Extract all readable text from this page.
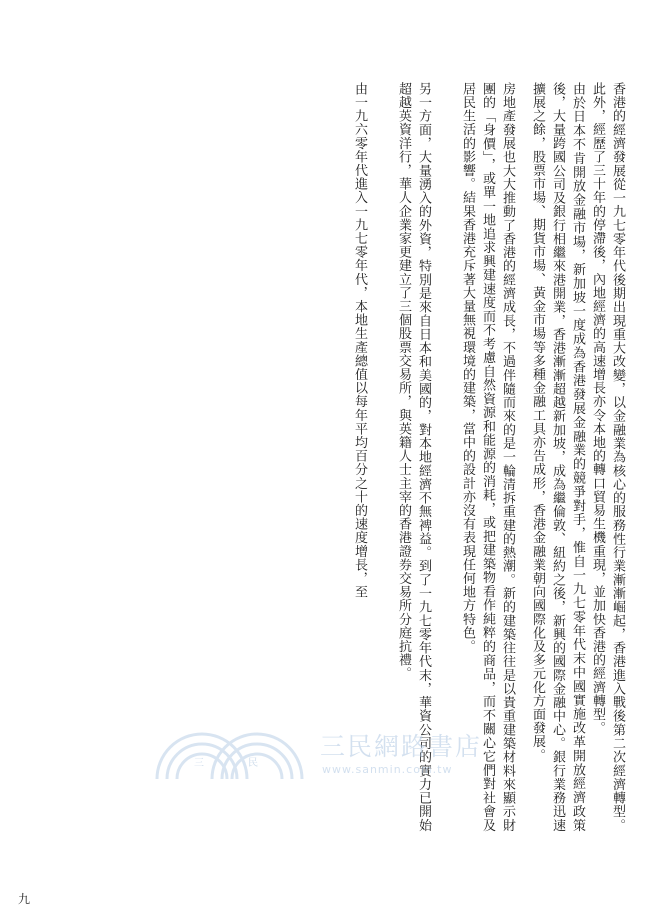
香港的經濟發展從一九七零年代後期出現重大改變，以金融業為核心的服務性行業漸漸崛起，香港進入戰後第二次經濟轉型。此外，經歷了三十年的停滯後，內地經濟的高速增長亦令本地的轉口貿易生機重現，並加快香港的經濟轉型。

由於日本不肯開放金融市場，新加坡一度成為香港發展金融業的競爭對手，惟自一九七零年代末中國實施改革開放經濟政策後，大量跨國公司及銀行相繼來港開業，香港漸漸超越新加坡，成為繼倫敦、紐約之後，新興的國際金融中心。銀行業務迅速擴展之餘，股票市場、期貨市場、黃金市場等多種金融工具亦告成形，香港金融業朝向國際化及多元化方面發展。

房地產發展也大大推動了香港的經濟成長，不過伴隨而來的是一輪清拆重建的熱潮。新的建築往往是以貴重建築材料來顯示財團的「身價」，或單一地追求興建速度而不考慮自然資源和能源的消耗，或把建築物看作純粹的商品，而不關心它們對社會及居民生活的影響。結果香港充斥著大量無視環境的建築，當中的設計亦沒有表現任何地方特色。

另一方面，大量湧入的外資，特別是來自日本和美國的，對本地經濟不無裨益。到了一九七零年代末，華資公司的實力已開始超越英資洋行，華人企業家更建立了三個股票交易所，與英籍人士主宰的香港證券交易所分庭抗禮。

由一九六零年代進入一九七零年代，本地生產總值以每年平均百分之十的速度增長，至

三	民
三民網路書店
www.sanmin.com.tw
九
